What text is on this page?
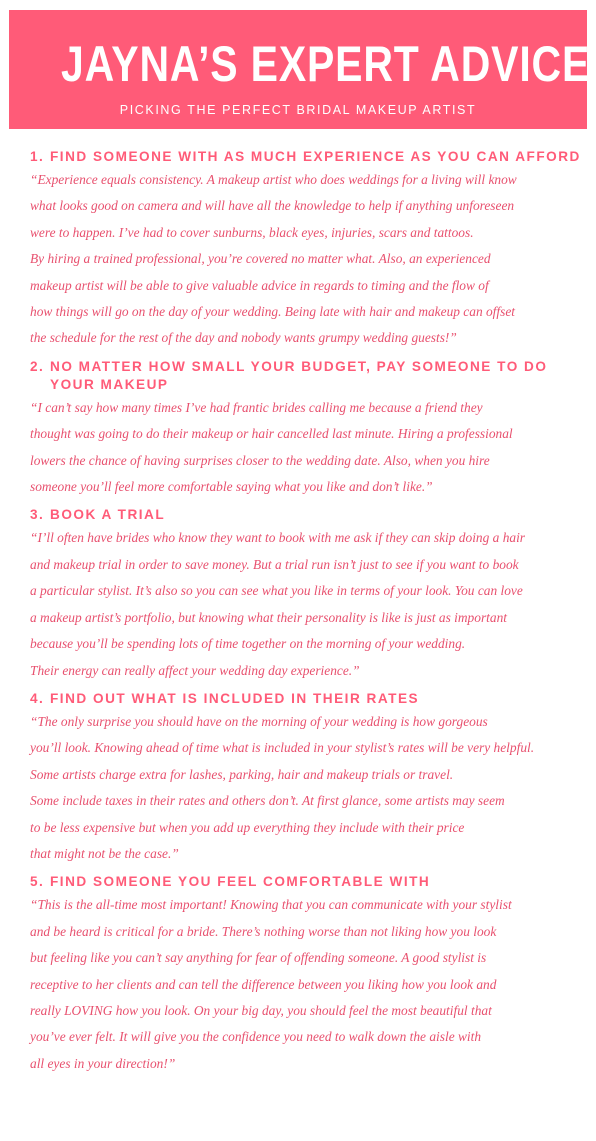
JAYNA’S EXPERT ADVICE
PICKING THE PERFECT BRIDAL MAKEUP ARTIST
1. FIND SOMEONE WITH AS MUCH EXPERIENCE AS YOU CAN AFFORD
“Experience equals consistency. A makeup artist who does weddings for a living will know
what looks good on camera and will have all the knowledge to help if anything unforeseen
were to happen. I’ve had to cover sunburns, black eyes, injuries, scars and tattoos.
By hiring a trained professional, you’re covered no matter what. Also, an experienced
makeup artist will be able to give valuable advice in regards to timing and the flow of
how things will go on the day of your wedding. Being late with hair and makeup can offset
the schedule for the rest of the day and nobody wants grumpy wedding guests!”
2. NO MATTER HOW SMALL YOUR BUDGET, PAY SOMEONE TO DO
YOUR MAKEUP
“I can’t say how many times I’ve had frantic brides calling me because a friend they
thought was going to do their makeup or hair cancelled last minute. Hiring a professional
lowers the chance of having surprises closer to the wedding date. Also, when you hire
someone you’ll feel more comfortable saying what you like and don’t like.”
3. BOOK A TRIAL
“I’ll often have brides who know they want to book with me ask if they can skip doing a hair
and makeup trial in order to save money. But a trial run isn’t just to see if you want to book
a particular stylist. It’s also so you can see what you like in terms of your look. You can love
a makeup artist’s portfolio, but knowing what their personality is like is just as important
because you’ll be spending lots of time together on the morning of your wedding.
Their energy can really affect your wedding day experience.”
4. FIND OUT WHAT IS INCLUDED IN THEIR RATES
“The only surprise you should have on the morning of your wedding is how gorgeous
you’ll look. Knowing ahead of time what is included in your stylist’s rates will be very helpful.
Some artists charge extra for lashes, parking, hair and makeup trials or travel.
Some include taxes in their rates and others don’t. At first glance, some artists may seem
to be less expensive but when you add up everything they include with their price
that might not be the case.”
5. FIND SOMEONE YOU FEEL COMFORTABLE WITH
“This is the all-time most important! Knowing that you can communicate with your stylist
and be heard is critical for a bride. There’s nothing worse than not liking how you look
but feeling like you can’t say anything for fear of offending someone. A good stylist is
receptive to her clients and can tell the difference between you liking how you look and
really LOVING how you look. On your big day, you should feel the most beautiful that
you’ve ever felt. It will give you the confidence you need to walk down the aisle with
all eyes in your direction!”
